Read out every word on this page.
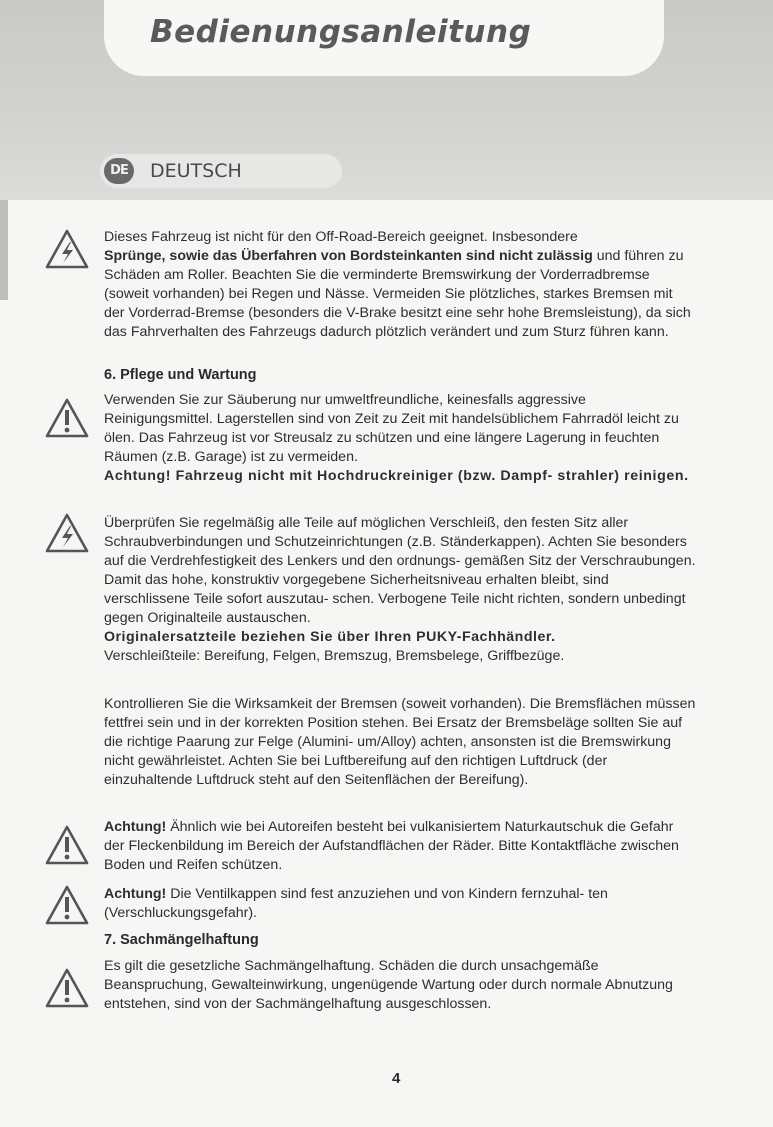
Bedienungsanleitung
DE	DEUTSCH

Dieses Fahrzeug ist nicht für den Off-Road-Bereich geeignet. Insbesondere
Sprünge, sowie das Überfahren von Bordsteinkanten sind nicht zulässig und führen zu Schäden am Roller. Beachten Sie die verminderte Bremswirkung der Vorderradbremse (soweit vorhanden) bei Regen und Nässe. Vermeiden Sie plötzliches, starkes Bremsen mit der Vorderrad-Bremse (besonders die V-Brake besitzt eine sehr hohe Bremsleistung), da sich das Fahrverhalten des Fahrzeugs dadurch plötzlich verändert und zum Sturz führen kann.

6. Pflege und Wartung

Verwenden Sie zur Säuberung nur umweltfreundliche, keinesfalls aggressive Reinigungsmittel. Lagerstellen sind von Zeit zu Zeit mit handelsüblichem Fahrradöl leicht zu ölen. Das Fahrzeug ist vor Streusalz zu schützen und eine längere Lagerung in feuchten Räumen (z.B. Garage) ist zu vermeiden.
Achtung! Fahrzeug nicht mit Hochdruckreiniger (bzw. Dampf- strahler) reinigen.

Überprüfen Sie regelmäßig alle Teile auf möglichen Verschleiß, den festen Sitz aller Schraubverbindungen und Schutzeinrichtungen (z.B. Ständerkappen). Achten Sie besonders auf die Verdrehfestigkeit des Lenkers und den ordnungs- gemäßen Sitz der Verschraubungen. Damit das hohe, konstruktiv vorgegebene Sicherheitsniveau erhalten bleibt, sind verschlissene Teile sofort auszutau- schen. Verbogene Teile nicht richten, sondern unbedingt gegen Originalteile austauschen.
Originalersatzteile beziehen Sie über Ihren PUKY-Fachhändler.
Verschleißteile: Bereifung, Felgen, Bremszug, Bremsbelege, Griffbezüge.

Kontrollieren Sie die Wirksamkeit der Bremsen (soweit vorhanden). Die Bremsflächen müssen fettfrei sein und in der korrekten Position stehen. Bei Ersatz der Bremsbeläge sollten Sie auf die richtige Paarung zur Felge (Alumini- um/Alloy) achten, ansonsten ist die Bremswirkung nicht gewährleistet. Achten Sie bei Luftbereifung auf den richtigen Luftdruck (der einzuhaltende Luftdruck steht auf den Seitenflächen der Bereifung).

Achtung! Ähnlich wie bei Autoreifen besteht bei vulkanisiertem Naturkautschuk die Gefahr der Fleckenbildung im Bereich der Aufstandflächen der Räder. Bitte Kontaktfläche zwischen Boden und Reifen schützen.

Achtung! Die Ventilkappen sind fest anzuziehen und von Kindern fernzuhal- ten (Verschluckungsgefahr).

7. Sachmängelhaftung

Es gilt die gesetzliche Sachmängelhaftung. Schäden die durch unsachgemäße Beanspruchung, Gewalteinwirkung, ungenügende Wartung oder durch normale Abnutzung entstehen, sind von der Sachmängelhaftung ausgeschlossen.

4
